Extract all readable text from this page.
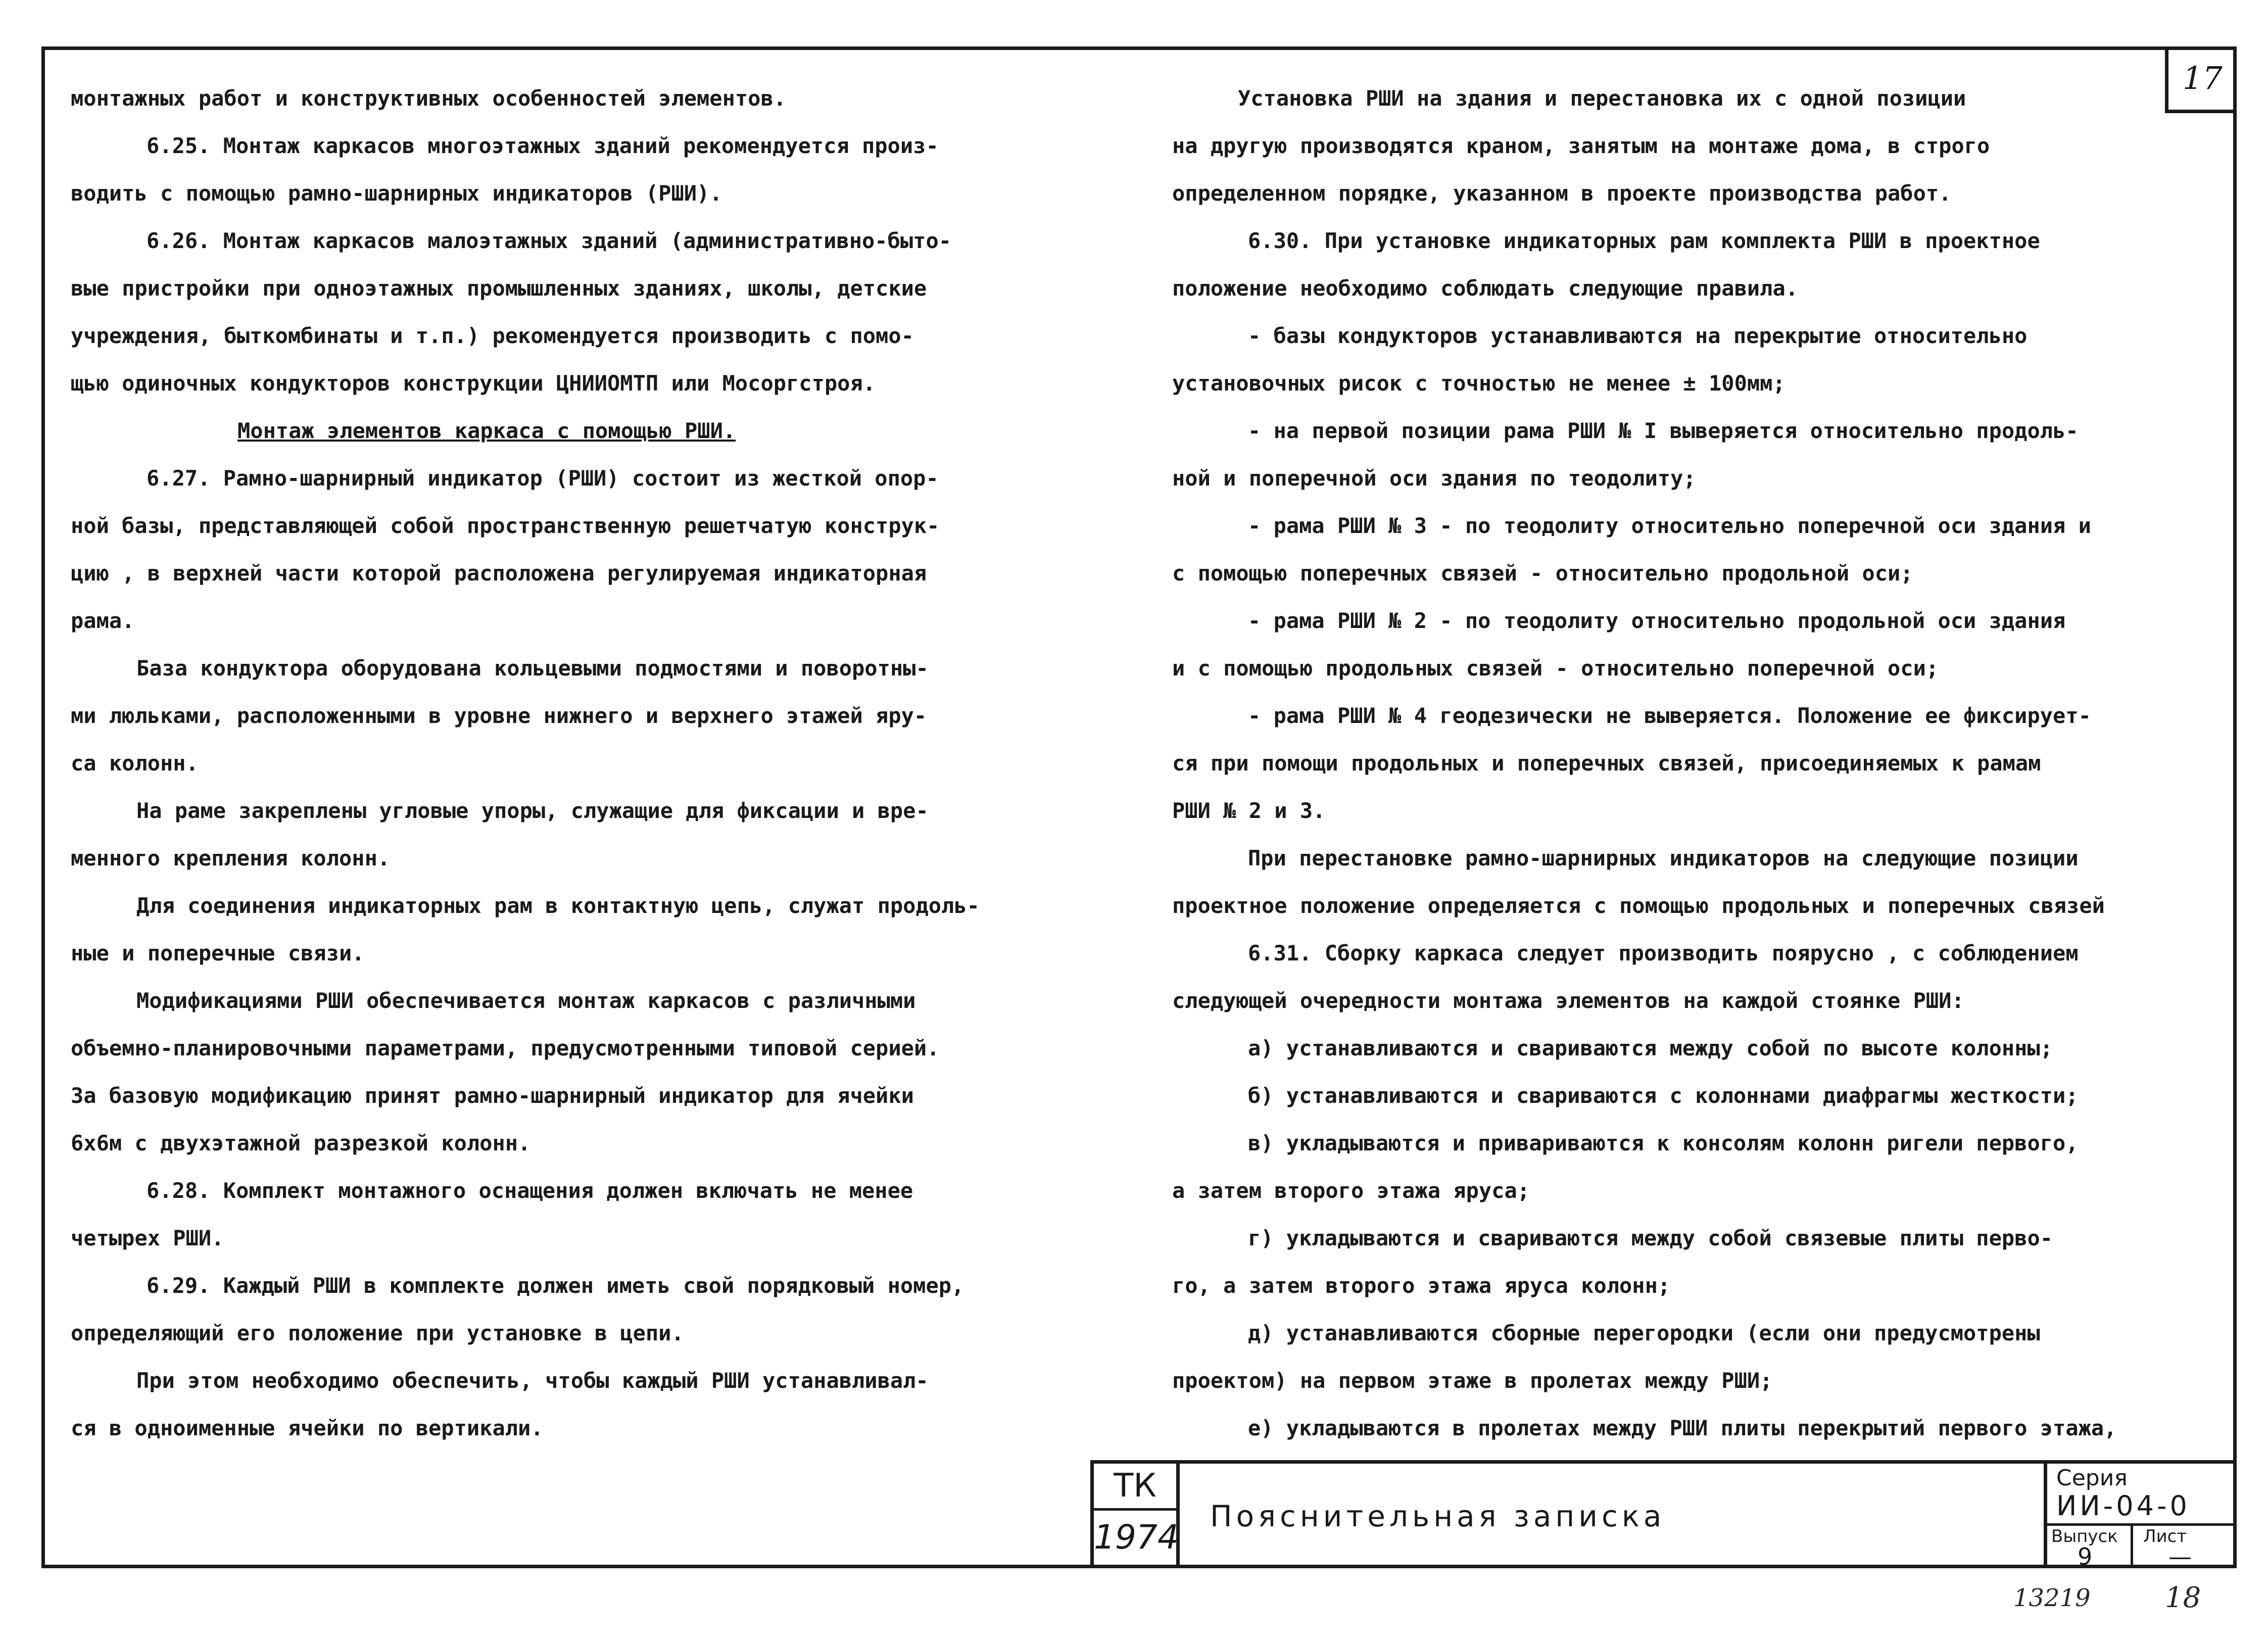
17

монтажных работ и конструктивных особенностей элементов.

6.25. Монтаж каркасов многоэтажных зданий рекомендуется произ-

водить с помощью рамно-шарнирных индикаторов (РШИ).

6.26. Монтаж каркасов малоэтажных зданий (административно-быто-

вые пристройки при одноэтажных промышленных зданиях, школы, детские

учреждения, быткомбинаты и т.п.) рекомендуется производить с помо-

щью одиночных кондукторов конструкции ЦНИИОМТП или Мосоргстроя.

Монтаж элементов каркаса с помощью РШИ.

6.27. Рамно-шарнирный индикатор (РШИ) состоит из жесткой опор-

ной базы, представляющей собой пространственную решетчатую конструк-

цию , в верхней части которой расположена регулируемая индикаторная

рама.

База кондуктора оборудована кольцевыми подмостями и поворотны-

ми люльками, расположенными в уровне нижнего и верхнего этажей яру-

са колонн.

На раме закреплены угловые упоры, служащие для фиксации и вре-

менного крепления колонн.

Для соединения индикаторных рам в контактную цепь, служат продоль-

ные и поперечные связи.

Модификациями РШИ обеспечивается монтаж каркасов с различными

объемно-планировочными параметрами, предусмотренными типовой серией.

За базовую модификацию принят рамно-шарнирный индикатор для ячейки

6х6м с двухэтажной разрезкой колонн.

6.28. Комплект монтажного оснащения должен включать не менее

четырех РШИ.

6.29. Каждый РШИ в комплекте должен иметь свой порядковый номер,

определяющий его положение при установке в цепи.

При этом необходимо обеспечить, чтобы каждый РШИ устанавливал-

ся в одноименные ячейки по вертикали.

Установка РШИ на здания и перестановка их с одной позиции

на другую производятся краном, занятым на монтаже дома, в строго

определенном порядке, указанном в проекте производства работ.

6.30. При установке индикаторных рам комплекта РШИ в проектное

положение необходимо соблюдать следующие правила.

- базы кондукторов устанавливаются на перекрытие относительно

установочных рисок с точностью не менее ± 100мм;

- на первой позиции рама РШИ № I выверяется относительно продоль-

ной и поперечной оси здания по теодолиту;

- рама РШИ № 3 - по теодолиту относительно поперечной оси здания и

с помощью поперечных связей - относительно продольной оси;

- рама РШИ № 2 - по теодолиту относительно продольной оси здания

и с помощью продольных связей - относительно поперечной оси;

- рама РШИ № 4 геодезически не выверяется. Положение ее фиксирует-

ся при помощи продольных и поперечных связей, присоединяемых к рамам

РШИ № 2 и 3.

При перестановке рамно-шарнирных индикаторов на следующие позиции

проектное положение определяется с помощью продольных и поперечных связей

6.31. Сборку каркаса следует производить поярусно , с соблюдением

следующей очередности монтажа элементов на каждой стоянке РШИ:

а) устанавливаются и свариваются между собой по высоте колонны;

б) устанавливаются и свариваются с колоннами диафрагмы жесткости;

в) укладываются и приваpиваются к консолям колонн ригели первого,

а затем второго этажа яруса;

г) укладываются и свариваются между собой связевые плиты перво-

го, а затем второго этажа яруса колонн;

д) устанавливаются сборные перегородки (если они предусмотрены

проектом) на первом этаже в пролетах между РШИ;

е) укладываются в пролетах между РШИ плиты перекрытий первого этажа,

ТК
1974
Пояснительная записка
Серия
ИИ-04-0
Выпуск
9
Лист
—
13219	18
